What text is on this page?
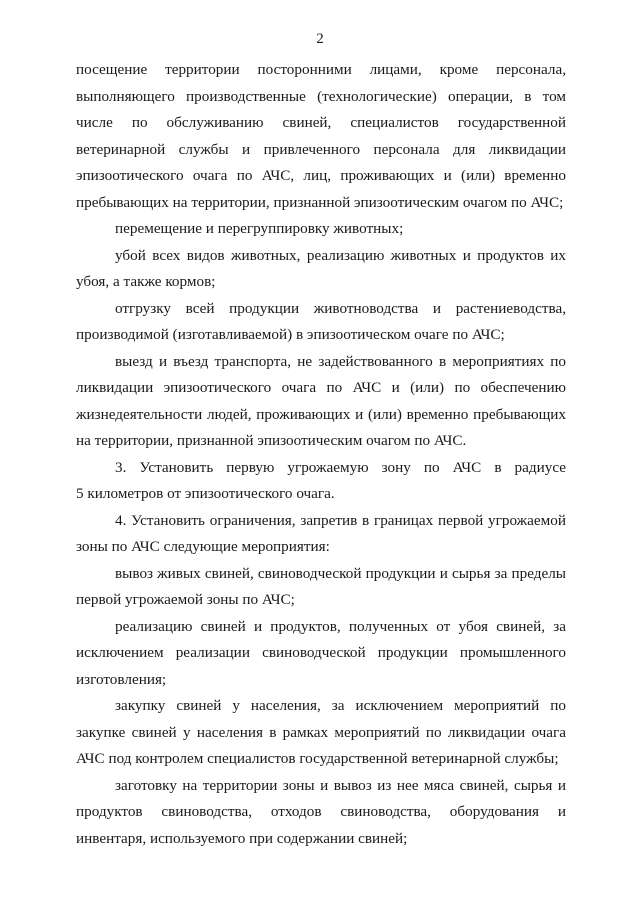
2
посещение территории посторонними лицами, кроме персонала,
выполняющего производственные (технологические) операции, в том
числе по обслуживанию свиней, специалистов государственной
ветеринарной службы и привлеченного персонала для ликвидации
эпизоотического очага по АЧС, лиц, проживающих и (или) временно
пребывающих на территории, признанной эпизоотическим очагом по АЧС;
перемещение и перегруппировку животных;
убой всех видов животных, реализацию животных и продуктов их
убоя, а также кормов;
отгрузку всей продукции животноводства и растениеводства,
производимой (изготавливаемой) в эпизоотическом очаге по АЧС;
выезд и въезд транспорта, не задействованного в мероприятиях по
ликвидации эпизоотического очага по АЧС и (или) по обеспечению
жизнедеятельности людей, проживающих и (или) временно пребывающих
на территории, признанной эпизоотическим очагом по АЧС.
3. Установить первую угрожаемую зону по АЧС в радиусе
5 километров от эпизоотического очага.
4. Установить ограничения, запретив в границах первой угрожаемой
зоны по АЧС следующие мероприятия:
вывоз живых свиней, свиноводческой продукции и сырья за пределы
первой угрожаемой зоны по АЧС;
реализацию свиней и продуктов, полученных от убоя свиней, за
исключением реализации свиноводческой продукции промышленного
изготовления;
закупку свиней у населения, за исключением мероприятий по
закупке свиней у населения в рамках мероприятий по ликвидации очага
АЧС под контролем специалистов государственной ветеринарной службы;
заготовку на территории зоны и вывоз из нее мяса свиней, сырья и
продуктов свиноводства, отходов свиноводства, оборудования и
инвентаря, используемого при содержании свиней;
